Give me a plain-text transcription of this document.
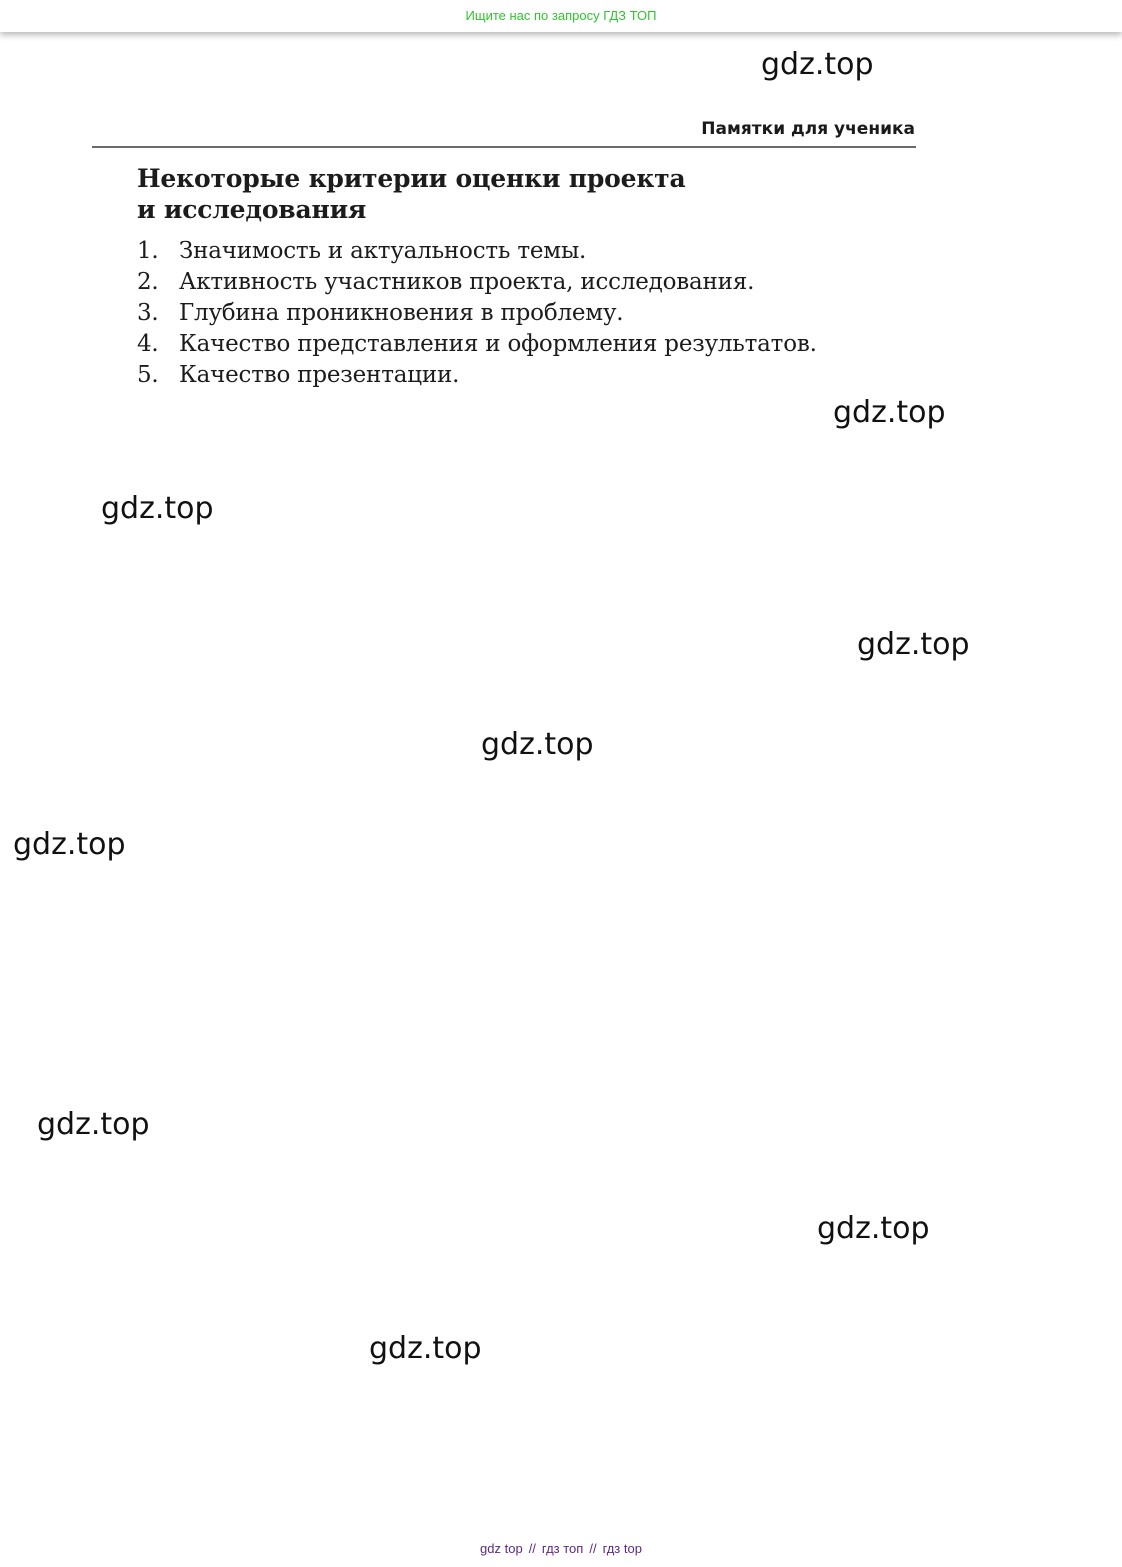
Ищите нас по запросу ГДЗ ТОП
Памятки для ученика
Некоторые критерии оценки проекта
и исследования
1. Значимость и актуальность темы.
2. Активность участников проекта, исследования.
3. Глубина проникновения в проблему.
4. Качество представления и оформления результатов.
5. Качество презентации.
gdz.top
gdz.top
gdz.top
gdz.top
gdz.top
gdz.top
gdz.top
gdz.top
gdz.top
gdz top // гдз топ // гдз top
